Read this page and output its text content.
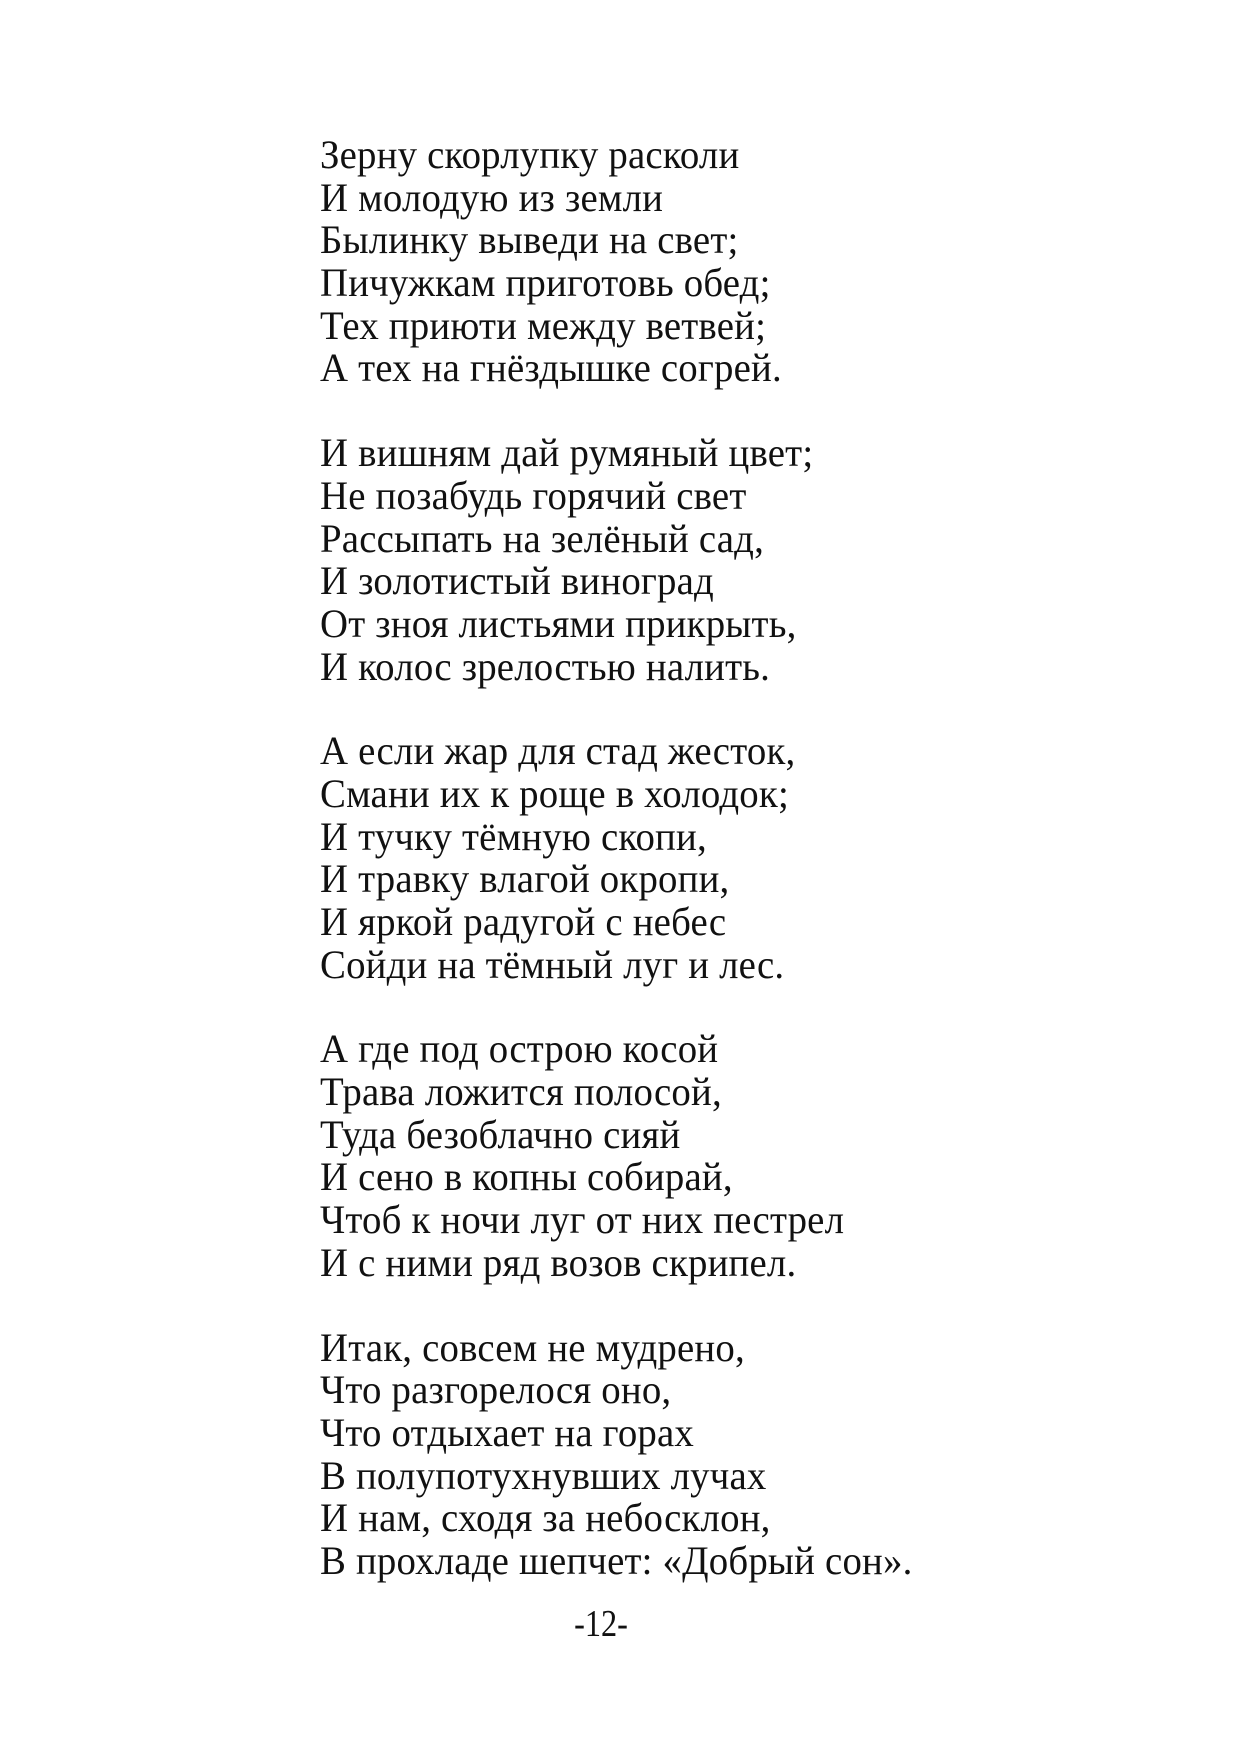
Зерну скорлупку расколи
И молодую из земли
Былинку выведи на свет;
Пичужкам приготовь обед;
Тех приюти между ветвей;
А тех на гнёздышке согрей.
И вишням дай румяный цвет;
Не позабудь горячий свет
Рассыпать на зелёный сад,
И золотистый виноград
От зноя листьями прикрыть,
И колос зрелостью налить.
А если жар для стад жесток,
Смани их к роще в холодок;
И тучку тёмную скопи,
И травку влагой окропи,
И яркой радугой с небес
Сойди на тёмный луг и лес.
А где под острою косой
Трава ложится полосой,
Туда безоблачно сияй
И сено в копны собирай,
Чтоб к ночи луг от них пестрел
И с ними ряд возов скрипел.
Итак, совсем не мудрено,
Что разгорелося оно,
Что отдыхает на горах
В полупотухнувших лучах
И нам, сходя за небосклон,
В прохладе шепчет: «Добрый сон».
-12-
